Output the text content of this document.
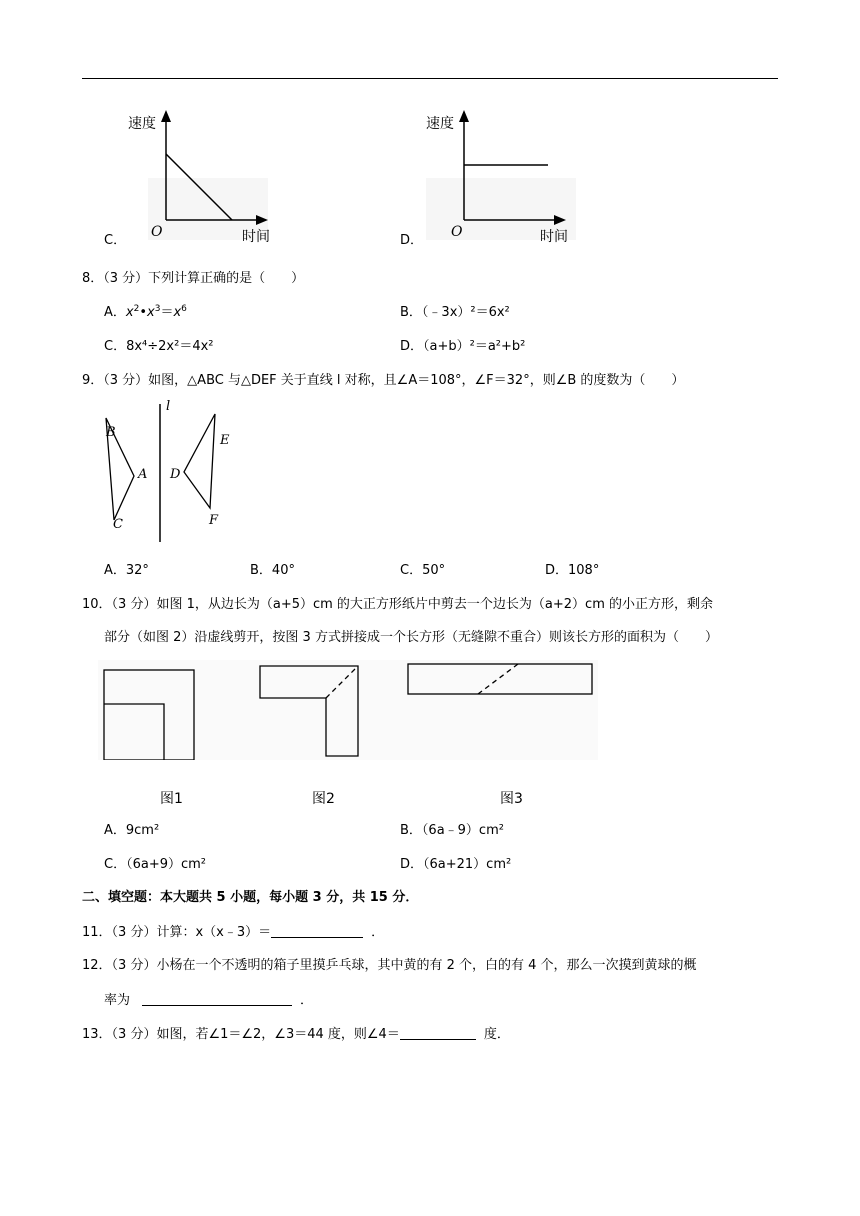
C．
速度
O	时间	D．
速度
O	时间
8．（3 分）下列计算正确的是（　　）
A．$x^2•x^3=x^6$	B．（﹣3x）²＝6x²
C．8x⁴÷2x²＝4x²	D．（a+b）²＝a²+b²
9．（3 分）如图，△ABC 与△DEF 关于直线 l 对称，且∠A＝108°，∠F＝32°，则∠B 的度数为（　　）
l
B
A
C
D
E
F
A．32°	B．40°	C．50°	D．108°
10．（3 分）如图 1，从边长为（a+5）cm 的大正方形纸片中剪去一个边长为（a+2）cm 的小正方形，剩余
部分（如图 2）沿虚线剪开，按图 3 方式拼接成一个长方形（无缝隙不重合）则该长方形的面积为（　　）
图1	图2	图3
A．9cm²	B．（6a﹣9）cm²
C．（6a+9）cm²	D．（6a+21）cm²
二、填空题：本大题共 5 小题，每小题 3 分，共 15 分．
11．（3 分）计算：x（x﹣3）＝	．
12．（3 分）小杨在一个不透明的箱子里摸乒乓球，其中黄的有 2 个，白的有 4 个，那么一次摸到黄球的概
率为	．
13．（3 分）如图，若∠1＝∠2，∠3＝44 度，则∠4＝	度．
